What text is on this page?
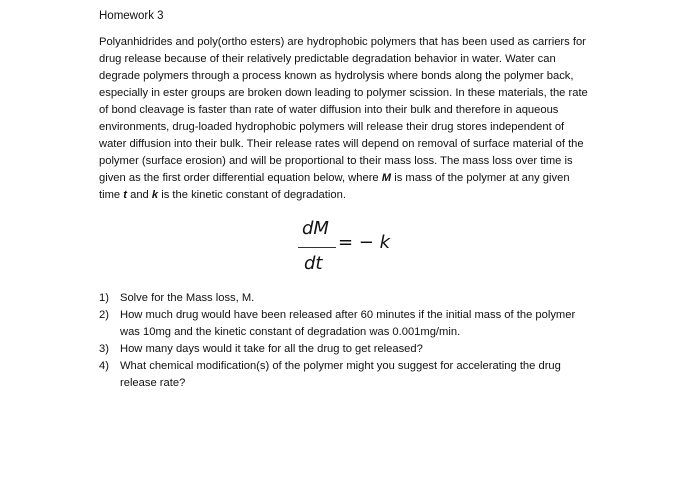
Homework 3
Polyanhidrides and poly(ortho esters) are hydrophobic polymers that has been used as carriers for
drug release because of their relatively predictable degradation behavior in water. Water can
degrade polymers through a process known as hydrolysis where bonds along the polymer back,
especially in ester groups are broken down leading to polymer scission. In these materials, the rate
of bond cleavage is faster than rate of water diffusion into their bulk and therefore in aqueous
environments, drug-loaded hydrophobic polymers will release their drug stores independent of
water diffusion into their bulk. Their release rates will depend on removal of surface material of the
polymer (surface erosion) and will be proportional to their mass loss. The mass loss over time is
given as the first order differential equation below, where M is mass of the polymer at any given
time t and k is the kinetic constant of degradation.
dM
dt
= − k
1) Solve for the Mass loss, M.
2) How much drug would have been released after 60 minutes if the initial mass of the polymer
was 10mg and the kinetic constant of degradation was 0.001mg/min.
3) How many days would it take for all the drug to get released?
4) What chemical modification(s) of the polymer might you suggest for accelerating the drug
release rate?
